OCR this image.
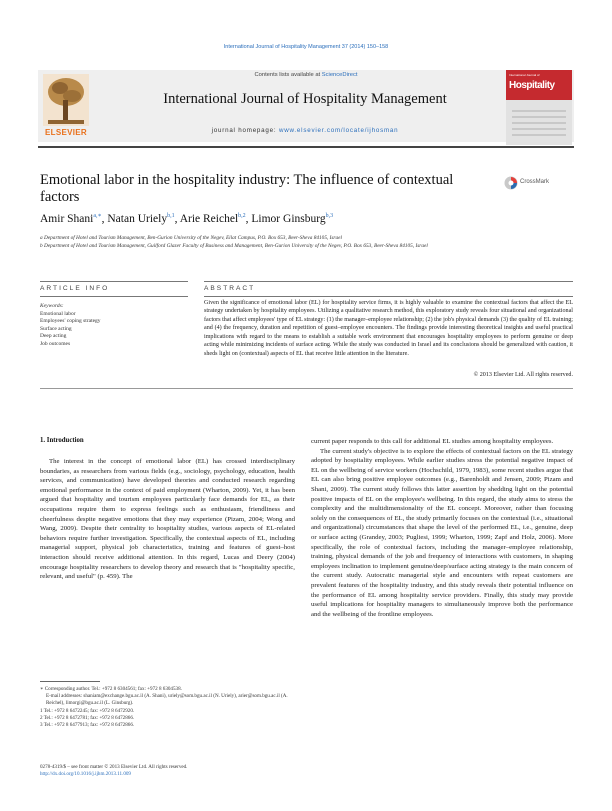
International Journal of Hospitality Management 37 (2014) 150–158
ELSEVIER
Contents lists available at ScienceDirect
International Journal of Hospitality Management
journal homepage: www.elsevier.com/locate/ijhosman
International Journal of
Hospitality
Emotional labor in the hospitality industry: The influence of contextual factors
CrossMark
Amir Shani$^{a,∗}$, Natan Uriely$^{b,1}$, Arie Reichel$^{b,2}$, Limor Ginsburg$^{b,3}$
a Department of Hotel and Tourism Management, Ben-Gurion University of the Negev, Eilat Campus, P.O. Box 653, Beer-Sheva 84105, Israel
b Department of Hotel and Tourism Management, Guilford Glazer Faculty of Business and Management, Ben-Gurion University of the Negev, P.O. Box 653, Beer-Sheva 84105, Israel
ARTICLE INFO	ABSTRACT
Keywords:
Emotional labor
Employees' coping strategy
Surface acting
Deep acting
Job outcomes
Given the significance of emotional labor (EL) for hospitality service firms, it is highly valuable to examine the contextual factors that affect the EL strategy undertaken by hospitality employees. Utilizing a qualitative research method, this exploratory study reveals four situational and organizational factors that affect employees' type of EL strategy: (1) the manager–employee relationship; (2) the job's physical demands (3) the quality of EL training; and (4) the frequency, duration and repetition of guest–employee encounters. The findings provide interesting theoretical insights and useful practical implications with regard to the means to establish a suitable work environment that encourages hospitality employees to perform genuine or deep acting while minimizing incidents of surface acting. While the study was conducted in Israel and its conclusions should be generalized with caution, it sheds light on (contextual) aspects of EL that receive little attention in the literature.
© 2013 Elsevier Ltd. All rights reserved.
1. Introduction
The interest in the concept of emotional labor (EL) has crossed interdisciplinary boundaries, as researchers from various fields (e.g., sociology, psychology, education, health services, and communication) have developed theories and conducted research regarding emotional performance in the context of paid employment (Wharton, 2009). Yet, it has been argued that hospitality and tourism employees particularly face demands for EL, as their occupations require them to express feelings such as enthusiasm, friendliness and cheerfulness despite negative emotions that they may experience (Pizam, 2004; Wong and Wang, 2009). Despite their centrality to hospitality studies, various aspects of EL-related behaviors require further investigation. Specifically, the contextual aspects of EL, including managerial support, physical job characteristics, training and features of guest–host interaction should receive additional attention. In this regard, Lucas and Deery (2004) encourage hospitality researchers to develop theory and research that is "hospitality specific, relevant, and useful" (p. 459). The

current paper responds to this call for additional EL studies among hospitality employees.

The current study's objective is to explore the effects of contextual factors on the EL strategy adopted by hospitality employees. While earlier studies stress the potential negative impact of EL on the wellbeing of service workers (Hochschild, 1979, 1983), some recent studies argue that EL can also bring positive employee outcomes (e.g., Barenholdt and Jensen, 2009; Pizam and Shani, 2009). The current study follows this latter assertion by shedding light on the potential positive impacts of EL on the employee's wellbeing. In this regard, the study aims to stress the complexity and the multidimensionality of the EL concept. Moreover, rather than focusing solely on the consequences of EL, the study primarily focuses on the contextual (i.e., situational and organizational) circumstances that shape the level of the performed EL, i.e., genuine, deep or surface acting (Grandey, 2003; Pugliesi, 1999; Wharton, 1999; Zapf and Holz, 2006). More specifically, the role of contextual factors, including the manager–employee relationship, training, physical demands of the job and frequency of interactions with customers, in shaping employees inclination to implement genuine/deep/surface acting strategy is the main concern of the current study. Autocratic managerial style and encounters with repeat customers are prevalent features of the hospitality industry, and this study reveals their potential influence on the performance of EL among hospitality service providers. Finally, this study may provide useful implications for hospitality managers to simultaneously improve both the performance and the wellbeing of the frontline employees.

∗ Corresponding author. Tel.: +972 8 6304561; fax: +972 8 6304538.
E-mail addresses: shaniam@exchange.bgu.ac.il (A. Shani), uriely@som.bgu.ac.il (N. Uriely), arier@som.bgu.ac.il (A. Reichel), limorgi@bgu.ac.il (L. Ginsburg).
1 Tel.: +972 8 6472245; fax: +972 8 6472920.
2 Tel.: +972 8 6472781; fax: +972 8 6472866.
3 Tel.: +972 8 6477913; fax: +972 8 6472866.
0278-4319/$ – see front matter © 2013 Elsevier Ltd. All rights reserved.
http://dx.doi.org/10.1016/j.ijhm.2013.11.009
